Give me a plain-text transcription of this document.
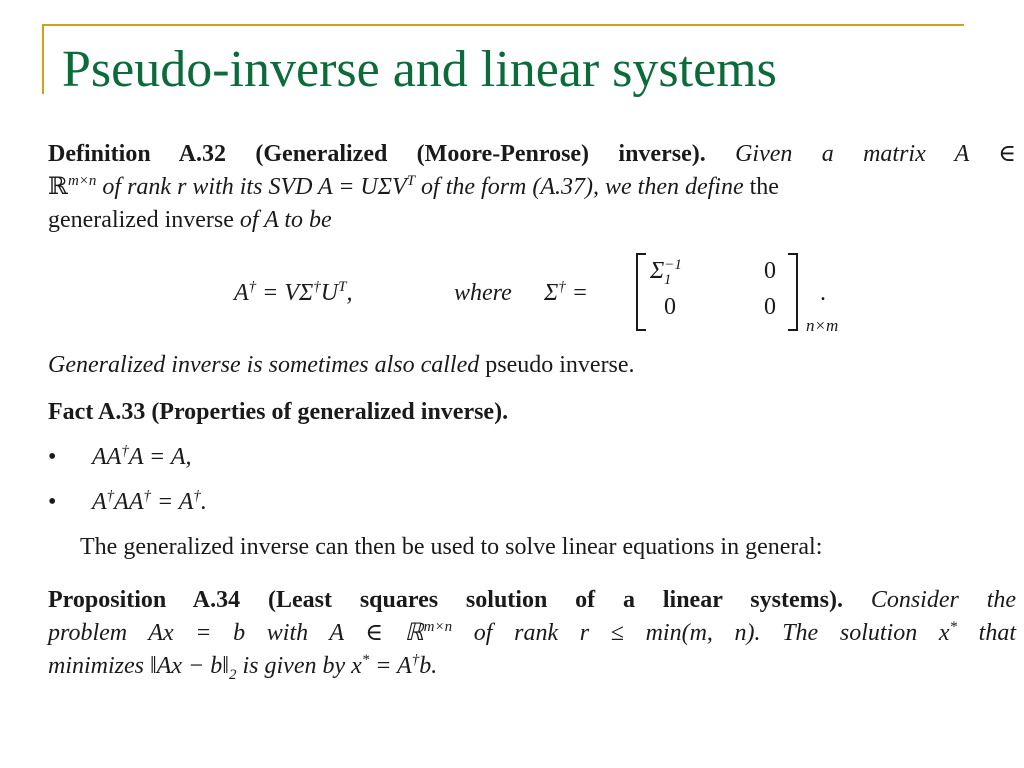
Pseudo-inverse and linear systems
Definition A.32 (Generalized (Moore-Penrose) inverse). Given a matrix A ∈
ℝ$^{m\times n}$ of rank r with its SVD $A = U\Sigma V^T$ of the form (A.37), we then define the
generalized inverse of A to be
$A^\dagger = V\Sigma^\dagger U^T$,	where Σ† =
$\Sigma^{-1}_1$	0
0	0
n×m
.
Generalized inverse is sometimes also called pseudo inverse.
Fact A.33 (Properties of generalized inverse).
• AA†A = A,
• A†AA† = A†.
The generalized inverse can then be used to solve linear equations in general:
Proposition A.34 (Least squares solution of a linear systems). Consider the
problem Ax = b with A ∈ ℝ$^{m\times n}$ of rank r ≤ min(m, n). The solution x* that
minimizes ‖Ax − $b‖_2$ is given by x* = A†b.
